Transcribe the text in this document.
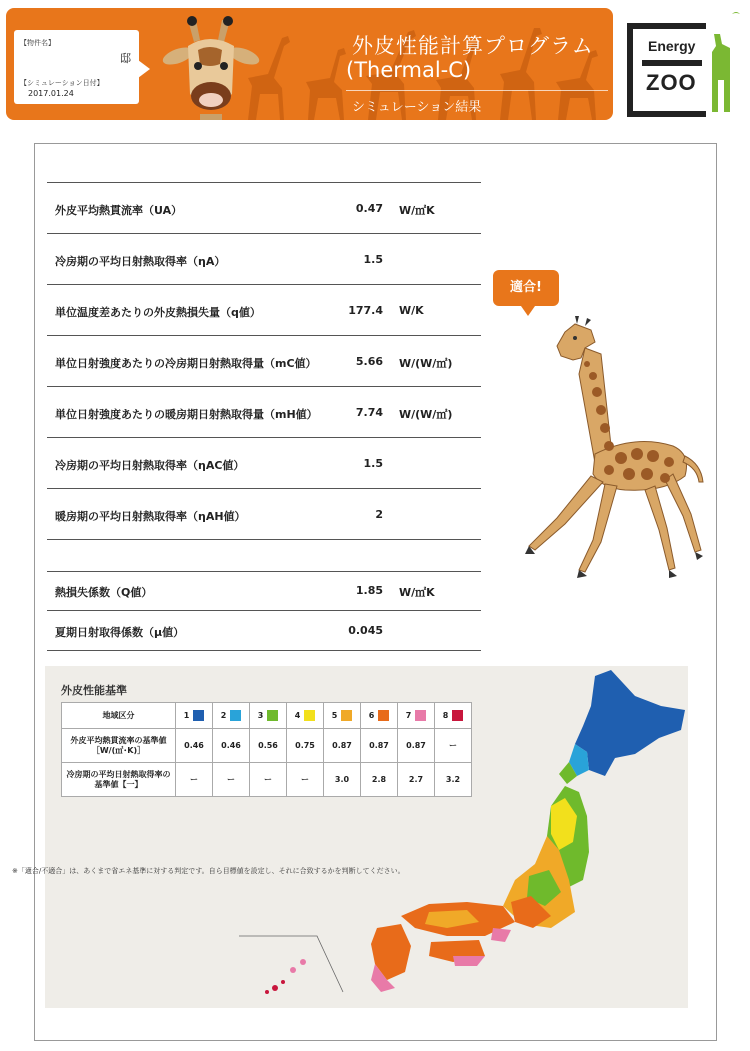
【物件名】
邸
【シミュレーション日付】
2017.01.24
外皮性能計算プログラム
(Thermal-C)
シミュレーション結果
Energy
ZOO
外皮平均熱貫流率（UA）	0.47 W/㎡K
冷房期の平均日射熱取得率（ηA）	1.5
単位温度差あたりの外皮熱損失量（q値）	177.4 W/K
単位日射強度あたりの冷房期日射熱取得量（mC値）	5.66 W/(W/㎡)
単位日射強度あたりの暖房期日射熱取得量（mH値）	7.74 W/(W/㎡)
冷房期の平均日射熱取得率（ηAC値）	1.5
暖房期の平均日射熱取得率（ηAH値）	2
熱損失係数（Q値）	1.85 W/㎡K
夏期日射取得係数（μ値）	0.045
適合!
外皮性能基準
地域区分	1	2	3	4	5	6	7	8
外皮平均熱貫流率の基準値［W/(㎡･K)］	0.46	0.46	0.56	0.75	0.87	0.87	0.87	ー
冷房期の平均日射熱取得率の基準値【一】	ー	ー	ー	ー	3.0	2.8	2.7	3.2
※「適合/不適合」は、あくまで省エネ基準に対する判定です。自ら目標値を設定し、それに合致するかを判断してください。
